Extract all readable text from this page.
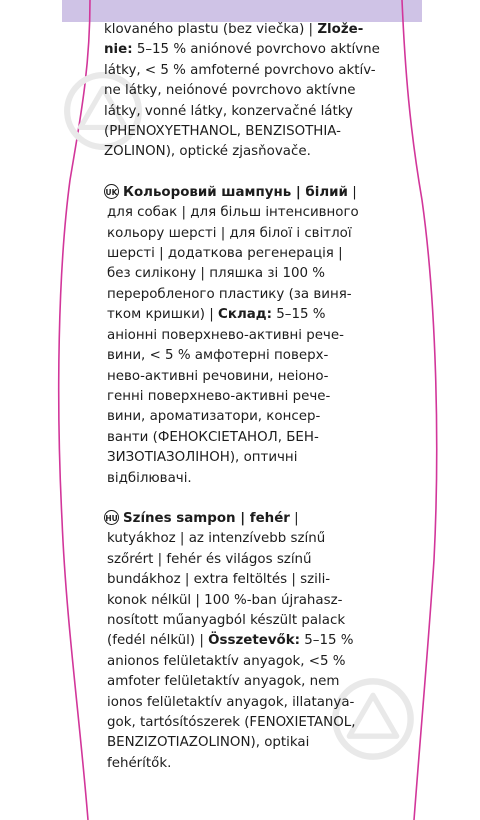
klovaného plastu (bez viečka) | Zlože-
nie: 5–15 % aniónové povrchovo aktívne
látky, < 5 % amfoterné povrchovo aktív-
ne látky, neiónové povrchovo aktívne
látky, vonné látky, konzervačné látky
(PHENOXYETHANOL, BENZISOTHIA-
ZOLINON), optické zjasňovače.
UK Кольоровий шампунь | білий |
для собак | для більш інтенсивного
кольору шерсті | для білої і світлої
шерсті | додаткова регенерація |
без силікону | пляшка зі 100 %
переробленого пластику (за виня-
тком кришки) | Склад: 5–15 %
аніонні поверхнево-активні рече-
вини, < 5 % амфотерні поверх-
нево-активні речовини, неіоно-
генні поверхнево-активні рече-
вини, ароматизатори, консер-
ванти (ФЕНОКСІЕТАНОЛ, БЕН-
ЗИЗОТІАЗОЛІНОН), оптичні
відбілювачі.
HU Színes sampon | fehér |
kutyákhoz | az intenzívebb színű
szőrért | fehér és világos színű
bundákhoz | extra feltöltés | szili-
konok nélkül | 100 %-ban újrahasz-
nosított műanyagból készült palack
(fedél nélkül) | Összetevők: 5–15 %
anionos felületaktív anyagok, <5 %
amfoter felületaktív anyagok, nem
ionos felületaktív anyagok, illatanya-
gok, tartósítószerek (FENOXIETANOL,
BENZIZOTIAZOLINON), optikai
fehérítők.
